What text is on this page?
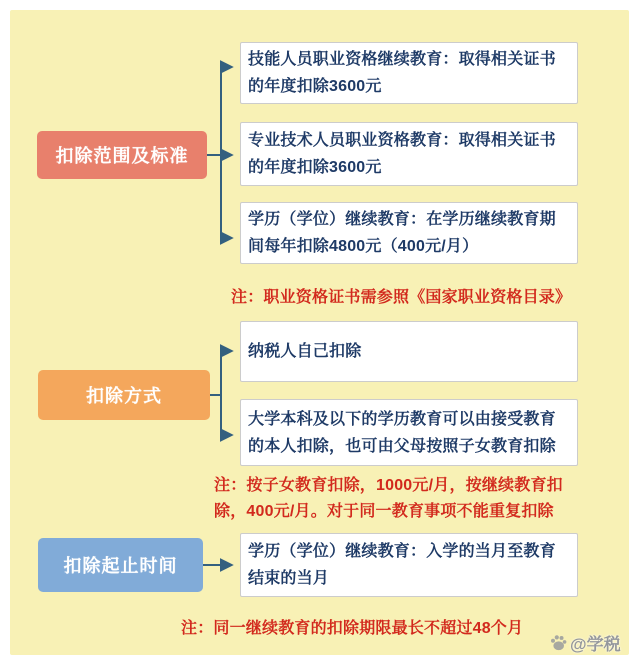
扣除范围及标准
扣除方式
扣除起止时间
技能人员职业资格继续教育：取得相关证书的年度扣除3600元
专业技术人员职业资格教育：取得相关证书的年度扣除3600元
学历（学位）继续教育：在学历继续教育期间每年扣除4800元（400元/月）
注：职业资格证书需参照《国家职业资格目录》
纳税人自己扣除
大学本科及以下的学历教育可以由接受教育的本人扣除，也可由父母按照子女教育扣除
注：按子女教育扣除，1000元/月，按继续教育扣除，400元/月。对于同一教育事项不能重复扣除
学历（学位）继续教育：入学的当月至教育结束的当月
注：同一继续教育的扣除期限最长不超过48个月
@学税
